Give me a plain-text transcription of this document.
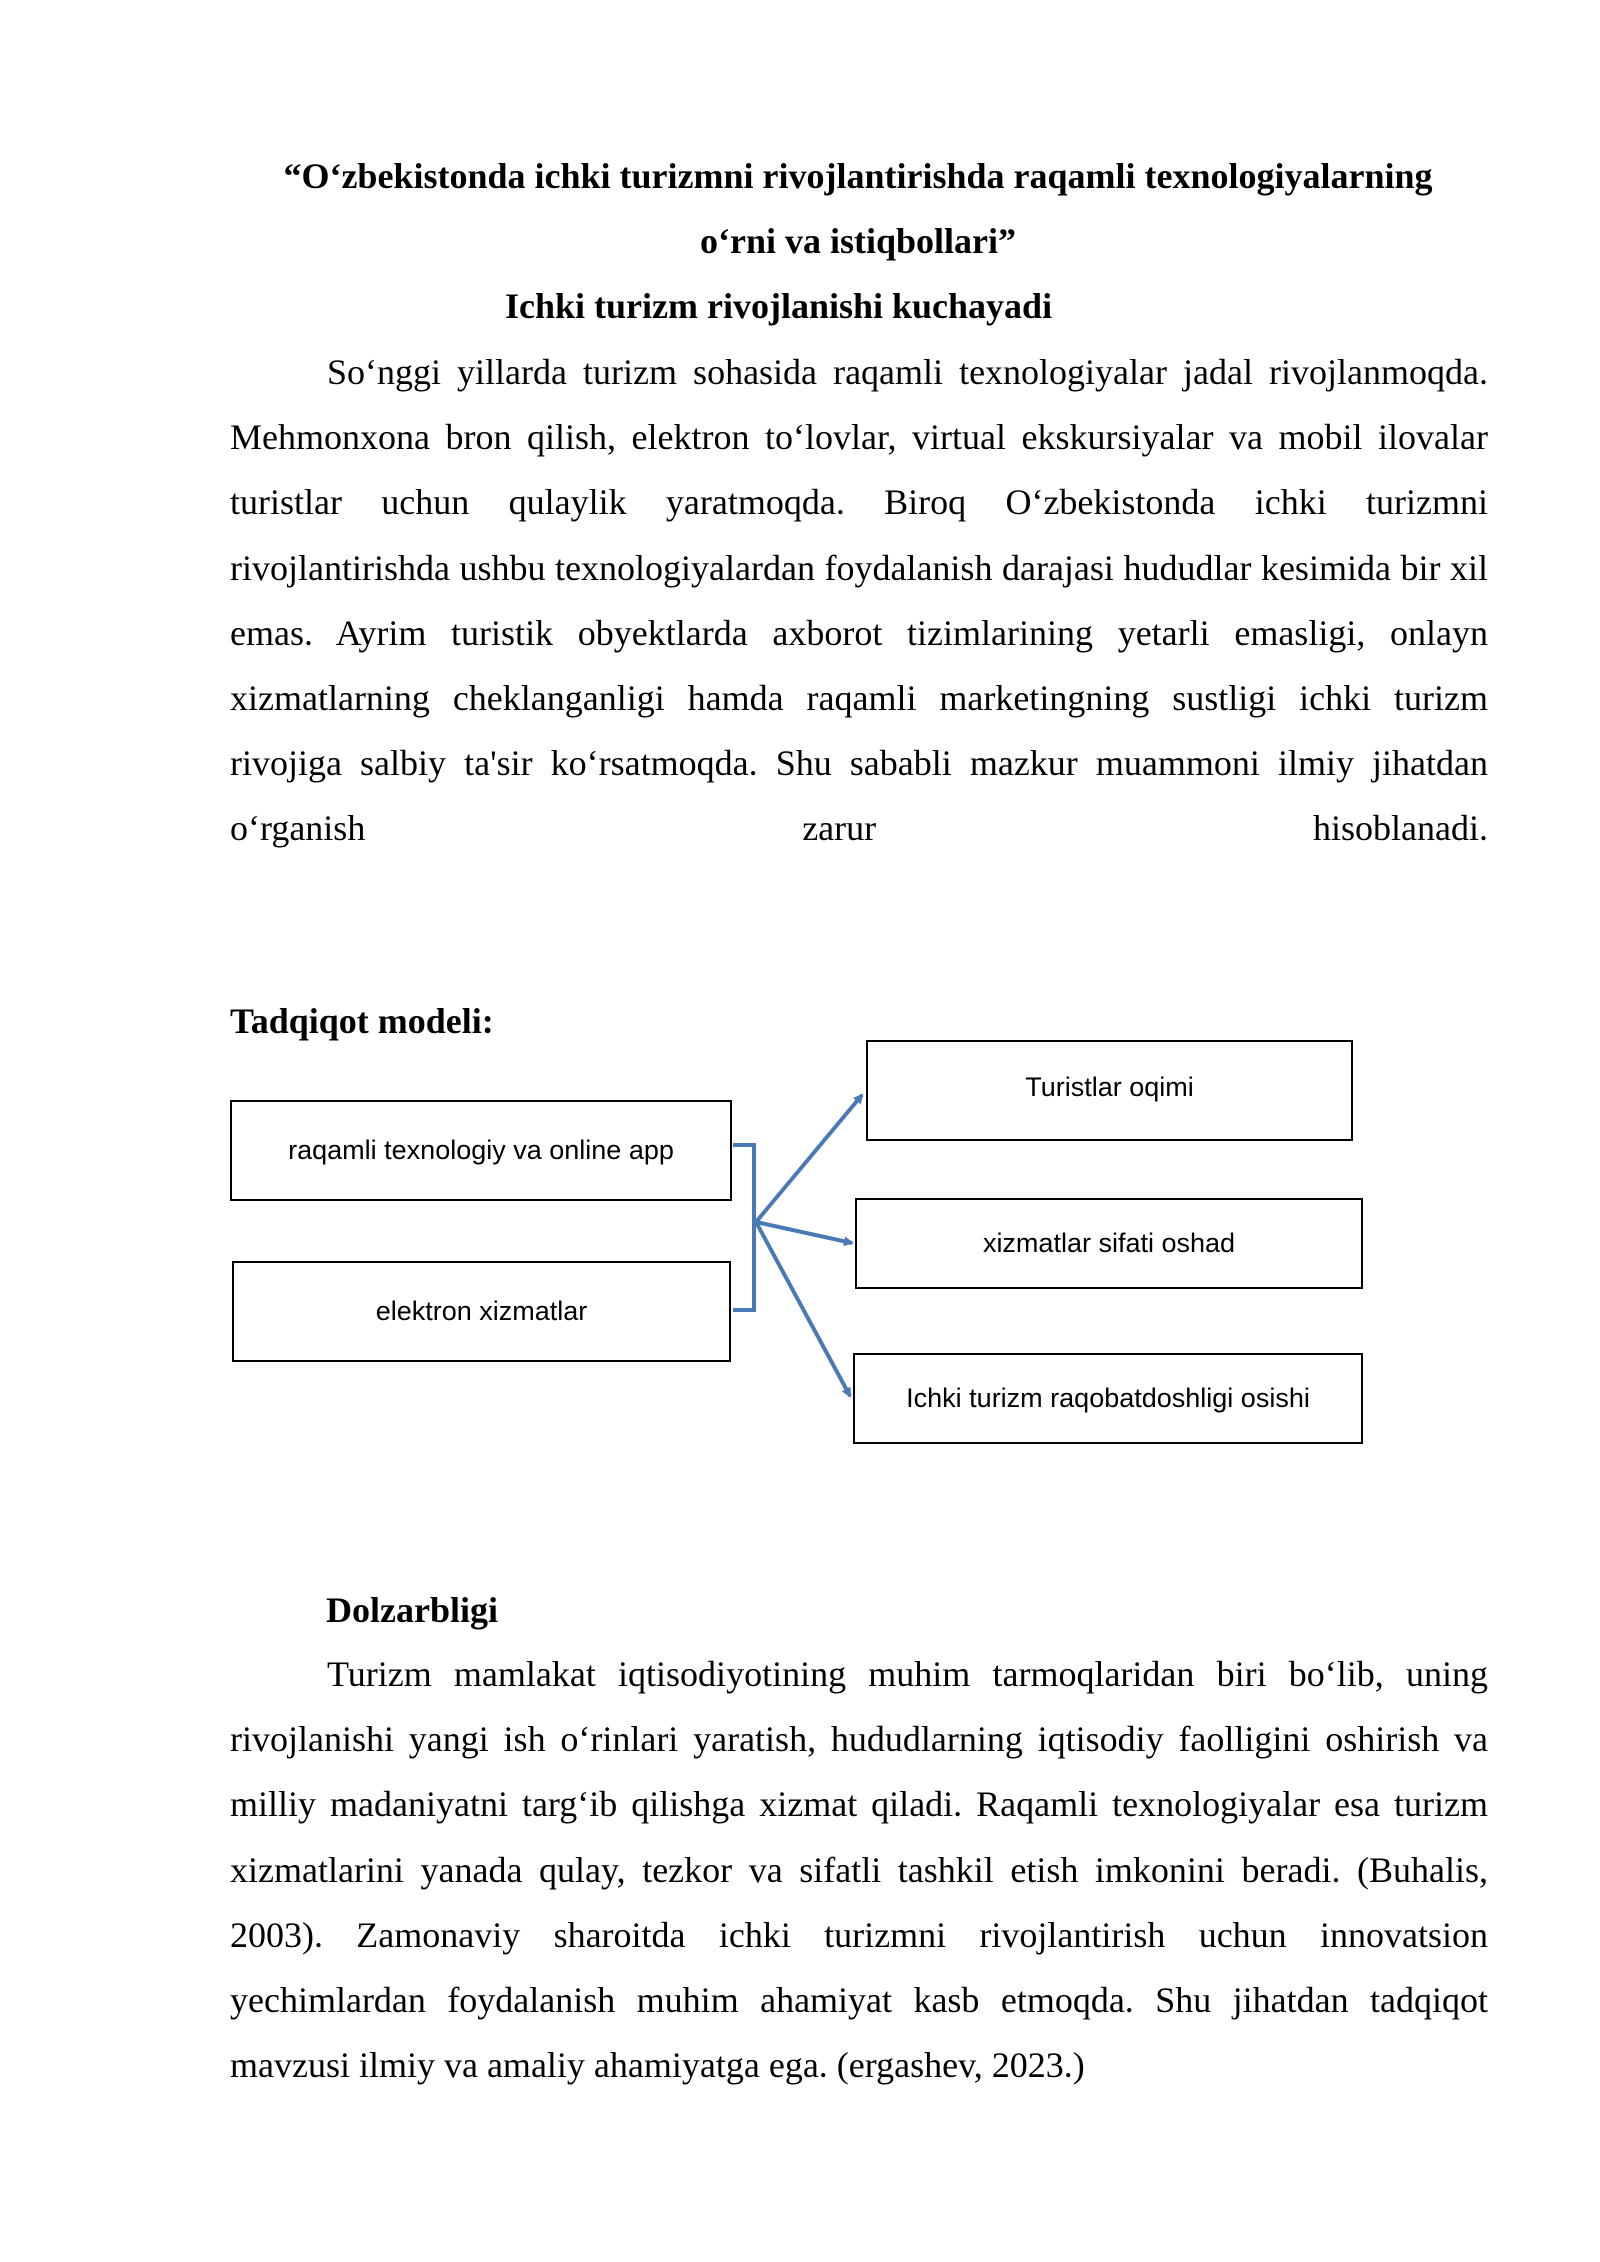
“O‘zbekistonda ichki turizmni rivojlantirishda raqamli texnologiyalarning
o‘rni va istiqbollari”
Ichki turizm rivojlanishi kuchayadi

So‘nggi yillarda turizm sohasida raqamli texnologiyalar jadal rivojlanmoqda. Mehmonxona bron qilish, elektron to‘lovlar, virtual ekskursiyalar va mobil ilovalar turistlar uchun qulaylik yaratmoqda. Biroq O‘zbekistonda ichki turizmni rivojlantirishda ushbu texnologiyalardan foydalanish darajasi hududlar kesimida bir xil emas. Ayrim turistik obyektlarda axborot tizimlarining yetarli emasligi, onlayn xizmatlarning cheklanganligi hamda raqamli marketingning sustligi ichki turizm rivojiga salbiy ta'sir ko‘rsatmoqda. Shu sababli mazkur muammoni ilmiy jihatdan o‘rganish zarur hisoblanadi.

Tadqiqot modeli:
raqamli texnologiy va online app
elektron xizmatlar
Turistlar oqimi
xizmatlar sifati oshad
Ichki turizm raqobatdoshligi osishi
Dolzarbligi

Turizm mamlakat iqtisodiyotining muhim tarmoqlaridan biri bo‘lib, uning rivojlanishi yangi ish o‘rinlari yaratish, hududlarning iqtisodiy faolligini oshirish va milliy madaniyatni targ‘ib qilishga xizmat qiladi. Raqamli texnologiyalar esa turizm xizmatlarini yanada qulay, tezkor va sifatli tashkil etish imkonini beradi. (Buhalis, 2003). Zamonaviy sharoitda ichki turizmni rivojlantirish uchun innovatsion yechimlardan foydalanish muhim ahamiyat kasb etmoqda. Shu jihatdan tadqiqot mavzusi ilmiy va amaliy ahamiyatga ega. (ergashev, 2023.)
